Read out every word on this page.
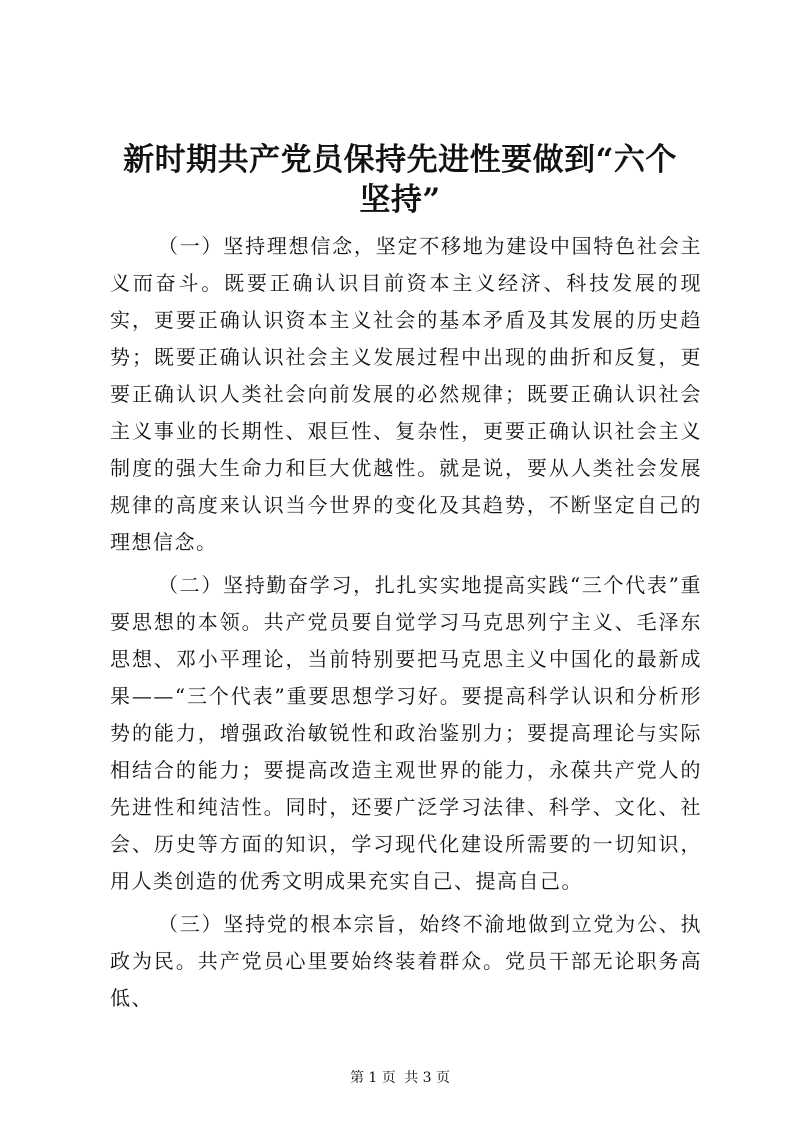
新时期共产党员保持先进性要做到“六个坚持”

（一）坚持理想信念，坚定不移地为建设中国特色社会主义而奋斗。既要正确认识目前资本主义经济、科技发展的现实，更要正确认识资本主义社会的基本矛盾及其发展的历史趋势；既要正确认识社会主义发展过程中出现的曲折和反复，更要正确认识人类社会向前发展的必然规律；既要正确认识社会主义事业的长期性、艰巨性、复杂性，更要正确认识社会主义制度的强大生命力和巨大优越性。就是说，要从人类社会发展规律的高度来认识当今世界的变化及其趋势，不断坚定自己的理想信念。

（二）坚持勤奋学习，扎扎实实地提高实践“三个代表”重要思想的本领。共产党员要自觉学习马克思列宁主义、毛泽东思想、邓小平理论，当前特别要把马克思主义中国化的最新成果——“三个代表”重要思想学习好。要提高科学认识和分析形势的能力，增强政治敏锐性和政治鉴别力；要提高理论与实际相结合的能力；要提高改造主观世界的能力，永葆共产党人的先进性和纯洁性。同时，还要广泛学习法律、科学、文化、社会、历史等方面的知识，学习现代化建设所需要的一切知识，用人类创造的优秀文明成果充实自己、提高自己。

（三）坚持党的根本宗旨，始终不渝地做到立党为公、执政为民。共产党员心里要始终装着群众。党员干部无论职务高低、

第 1 页 共 3 页
